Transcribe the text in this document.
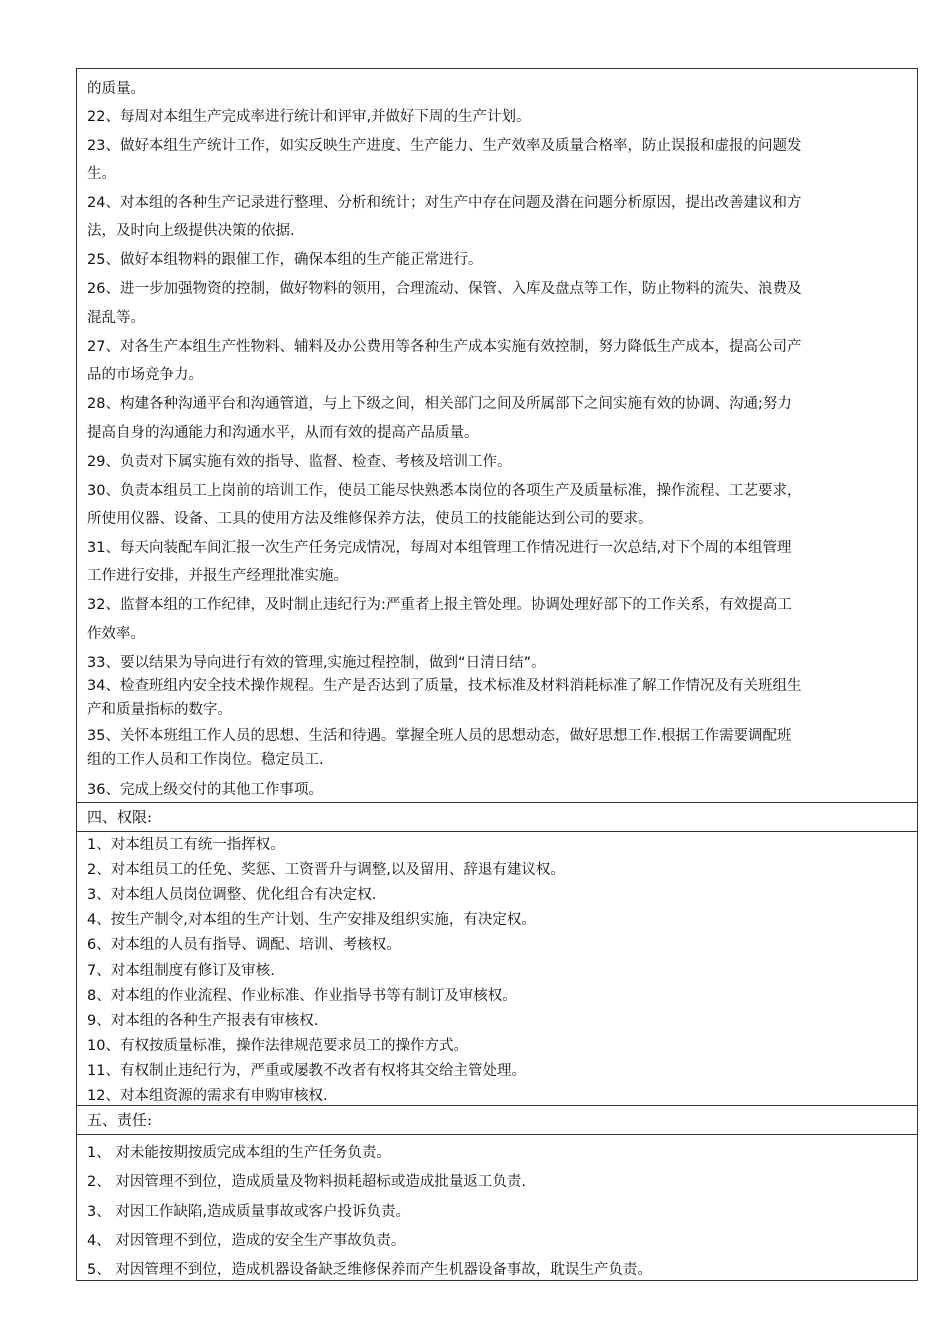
的质量。
22、每周对本组生产完成率进行统计和评审,并做好下周的生产计划。
23、做好本组生产统计工作，如实反映生产进度、生产能力、生产效率及质量合格率，防止误报和虚报的问题发
生。
24、对本组的各种生产记录进行整理、分析和统计；对生产中存在问题及潜在问题分析原因，提出改善建议和方
法，及时向上级提供决策的依据.
25、做好本组物料的跟催工作，确保本组的生产能正常进行。
26、进一步加强物资的控制，做好物料的领用，合理流动、保管、入库及盘点等工作，防止物料的流失、浪费及
混乱等。
27、对各生产本组生产性物料、辅料及办公费用等各种生产成本实施有效控制，努力降低生产成本，提高公司产
品的市场竞争力。
28、构建各种沟通平台和沟通管道，与上下级之间，相关部门之间及所属部下之间实施有效的协调、沟通;努力
提高自身的沟通能力和沟通水平，从而有效的提高产品质量。
29、负责对下属实施有效的指导、监督、检查、考核及培训工作。
30、负责本组员工上岗前的培训工作，使员工能尽快熟悉本岗位的各项生产及质量标准，操作流程、工艺要求，
所使用仪器、设备、工具的使用方法及维修保养方法，使员工的技能能达到公司的要求。
31、每天向装配车间汇报一次生产任务完成情况，每周对本组管理工作情况进行一次总结,对下个周的本组管理
工作进行安排，并报生产经理批准实施。
32、监督本组的工作纪律，及时制止违纪行为:严重者上报主管处理。协调处理好部下的工作关系，有效提高工
作效率。
33、要以结果为导向进行有效的管理,实施过程控制，做到“日清日结”。
34、检查班组内安全技术操作规程。生产是否达到了质量，技术标准及材料消耗标准了解工作情况及有关班组生
产和质量指标的数字。
35、关怀本班组工作人员的思想、生活和待遇。掌握全班人员的思想动态，做好思想工作.根据工作需要调配班
组的工作人员和工作岗位。稳定员工.
36、完成上级交付的其他工作事项。
四、权限:
1、对本组员工有统一指挥权。
2、对本组员工的任免、奖惩、工资晋升与调整,以及留用、辞退有建议权。
3、对本组人员岗位调整、优化组合有决定权.
4、按生产制令,对本组的生产计划、生产安排及组织实施，有决定权。
6、对本组的人员有指导、调配、培训、考核权。
7、对本组制度有修订及审核.
8、对本组的作业流程、作业标准、作业指导书等有制订及审核权。
9、对本组的各种生产报表有审核权.
10、有权按质量标准，操作法律规范要求员工的操作方式。
11、有权制止违纪行为，严重或屡教不改者有权将其交给主管处理。
12、对本组资源的需求有申购审核权.
五、责任:
1、 对未能按期按质完成本组的生产任务负责。
2、 对因管理不到位，造成质量及物料损耗超标或造成批量返工负责.
3、 对因工作缺陷,造成质量事故或客户投诉负责。
4、 对因管理不到位，造成的安全生产事故负责。
5、 对因管理不到位，造成机器设备缺乏维修保养而产生机器设备事故，耽误生产负责。
